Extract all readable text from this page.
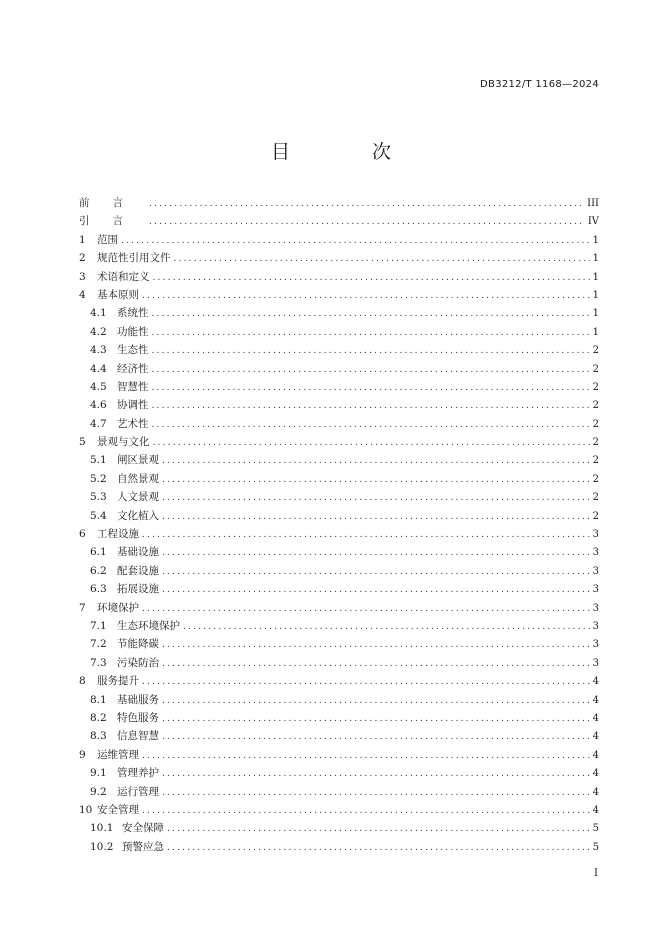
DB3212/T 1168—2024
目 次
前言 .....	III
引言 .....	IV
1	范围 .....	1
2	规范性引用文件 .....	1
3	术语和定义 .....	1
4	基本原则 .....	1
4.1 系统性 .....	1
4.2 功能性 .....	1
4.3 生态性 .....	2
4.4 经济性 .....	2
4.5 智慧性 .....	2
4.6 协调性 .....	2
4.7 艺术性 .....	2
5	景观与文化 .....	2
5.1 闸区景观 .....	2
5.2 自然景观 .....	2
5.3 人文景观 .....	2
5.4 文化植入 .....	2
6	工程设施 .....	3
6.1 基础设施 .....	3
6.2 配套设施 .....	3
6.3 拓展设施 .....	3
7	环境保护 .....	3
7.1 生态环境保护 .....	3
7.2 节能降碳 .....	3
7.3 污染防治 .....	3
8	服务提升 .....	4
8.1 基础服务 .....	4
8.2 特色服务 .....	4
8.3 信息智慧 .....	4
9	运维管理 .....	4
9.1 管理养护 .....	4
9.2 运行管理 .....	4
10 安全管理 .....	4
10.1 安全保障 .....	5
10.2 预警应急 .....	5
I
